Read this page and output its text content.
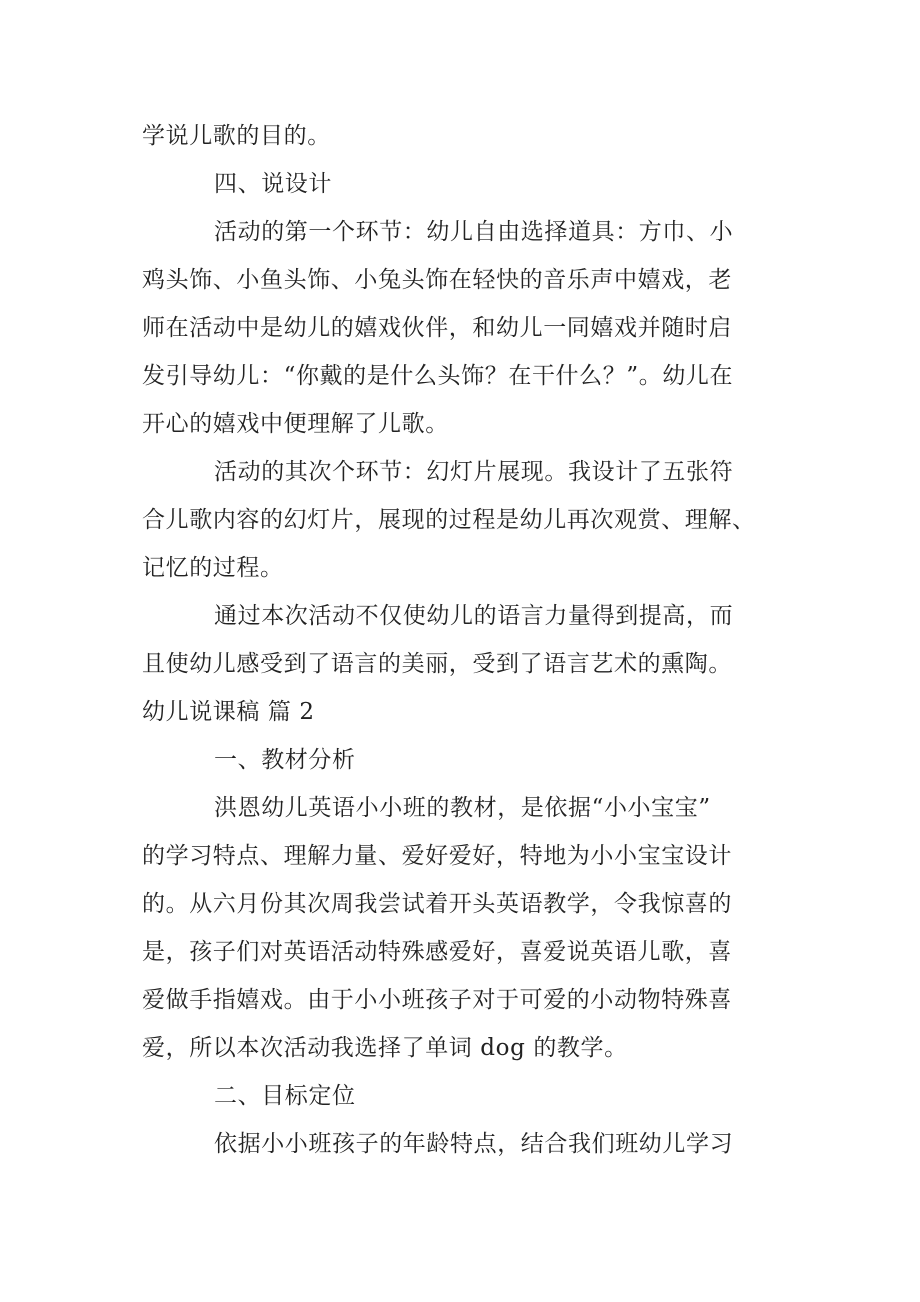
学说儿歌的目的。
四、说设计
活动的第一个环节：幼儿自由选择道具：方巾、小
鸡头饰、小鱼头饰、小兔头饰在轻快的音乐声中嬉戏，老
师在活动中是幼儿的嬉戏伙伴，和幼儿一同嬉戏并随时启
发引导幼儿：“你戴的是什么头饰？在干什么？”。幼儿在
开心的嬉戏中便理解了儿歌。
活动的其次个环节：幻灯片展现。我设计了五张符
合儿歌内容的幻灯片，展现的过程是幼儿再次观赏、理解、
记忆的过程。
通过本次活动不仅使幼儿的语言力量得到提高，而
且使幼儿感受到了语言的美丽，受到了语言艺术的熏陶。
幼儿说课稿 篇 2
一、教材分析
洪恩幼儿英语小小班的教材，是依据“小小宝宝”
的学习特点、理解力量、爱好爱好，特地为小小宝宝设计
的。从六月份其次周我尝试着开头英语教学，令我惊喜的
是，孩子们对英语活动特殊感爱好，喜爱说英语儿歌，喜
爱做手指嬉戏。由于小小班孩子对于可爱的小动物特殊喜
爱，所以本次活动我选择了单词 dog 的教学。
二、目标定位
依据小小班孩子的年龄特点，结合我们班幼儿学习
